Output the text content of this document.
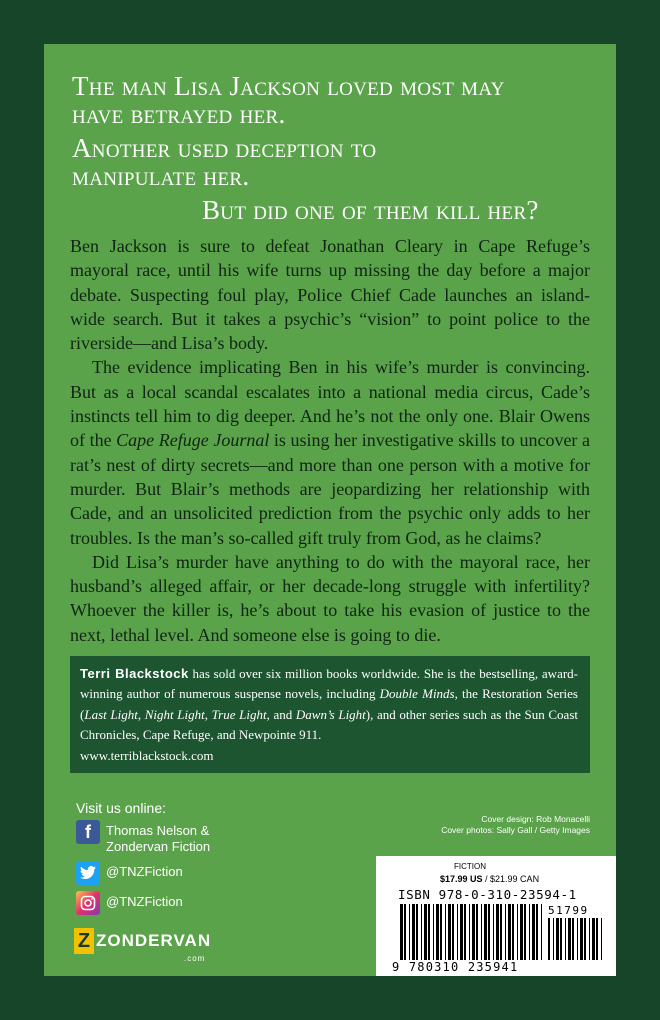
The man Lisa Jackson loved most may
have betrayed her.
Another used deception to
manipulate her.
But did one of them kill her?

Ben Jackson is sure to defeat Jonathan Cleary in Cape Refuge’s mayoral race, until his wife turns up missing the day before a major debate. Suspecting foul play, Police Chief Cade launches an island-wide search. But it takes a psychic’s “vision” to point police to the riverside—and Lisa’s body.

The evidence implicating Ben in his wife’s murder is convincing. But as a local scandal escalates into a national media circus, Cade’s instincts tell him to dig deeper. And he’s not the only one. Blair Owens of the Cape Refuge Journal is using her investigative skills to uncover a rat’s nest of dirty secrets—and more than one person with a motive for murder. But Blair’s methods are jeopardizing her relationship with Cade, and an unsolicited prediction from the psychic only adds to her troubles. Is the man’s so-called gift truly from God, as he claims?

Did Lisa’s murder have anything to do with the mayoral race, her husband’s alleged affair, or her decade-long struggle with infertility? Whoever the killer is, he’s about to take his evasion of justice to the next, lethal level. And someone else is going to die.

Terri Blackstock has sold over six million books worldwide. She is the bestselling, award-winning author of numerous suspense novels, including Double Minds, the Restoration Series (Last Light, Night Light, True Light, and Dawn’s Light), and other series such as the Sun Coast Chronicles, Cape Refuge, and Newpointe 911.
www.terriblackstock.com
Visit us online:
f	Thomas Nelson &
Zondervan Fiction
@TNZFiction
@TNZFiction
Cover design: Rob Monacelli
Cover photos: Sally Gall / Getty Images
Z ZONDERVAN
.com
FICTION
$17.99 US / $21.99 CAN
ISBN 978-0-310-23594-1
51799
9 780310 235941
